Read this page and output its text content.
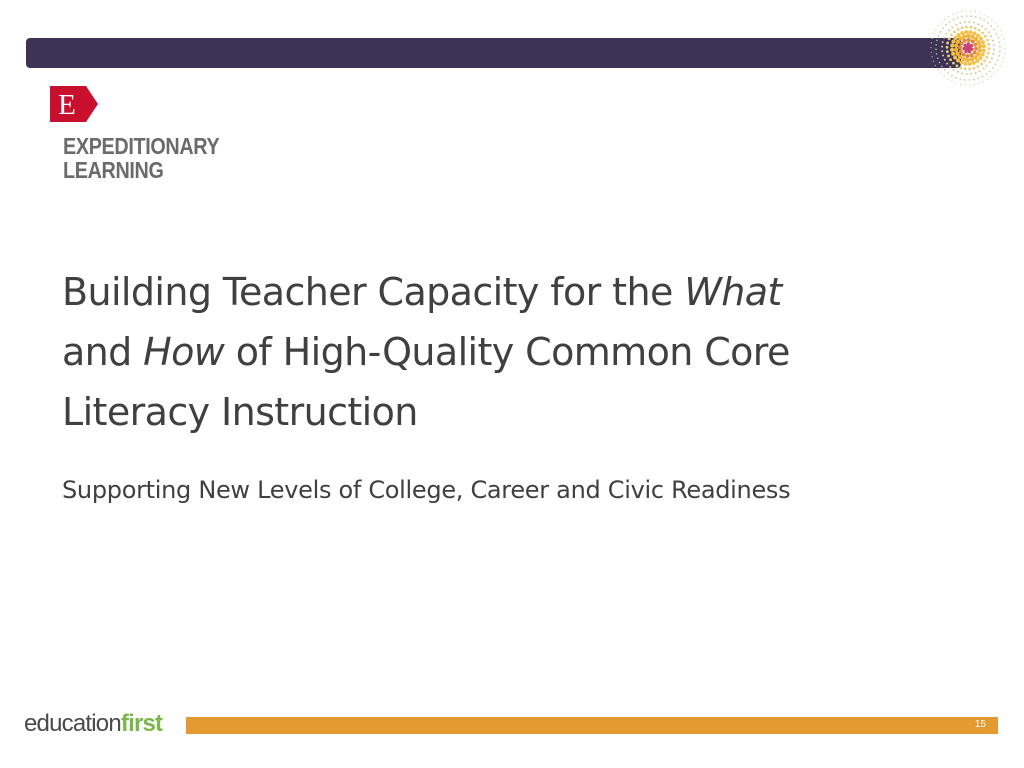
E
EXPEDITIONARY
LEARNING
Building Teacher Capacity for the What
and How of High-Quality Common Core Literacy Instruction

Supporting New Levels of College, Career and Civic Readiness

educationfirst	15
